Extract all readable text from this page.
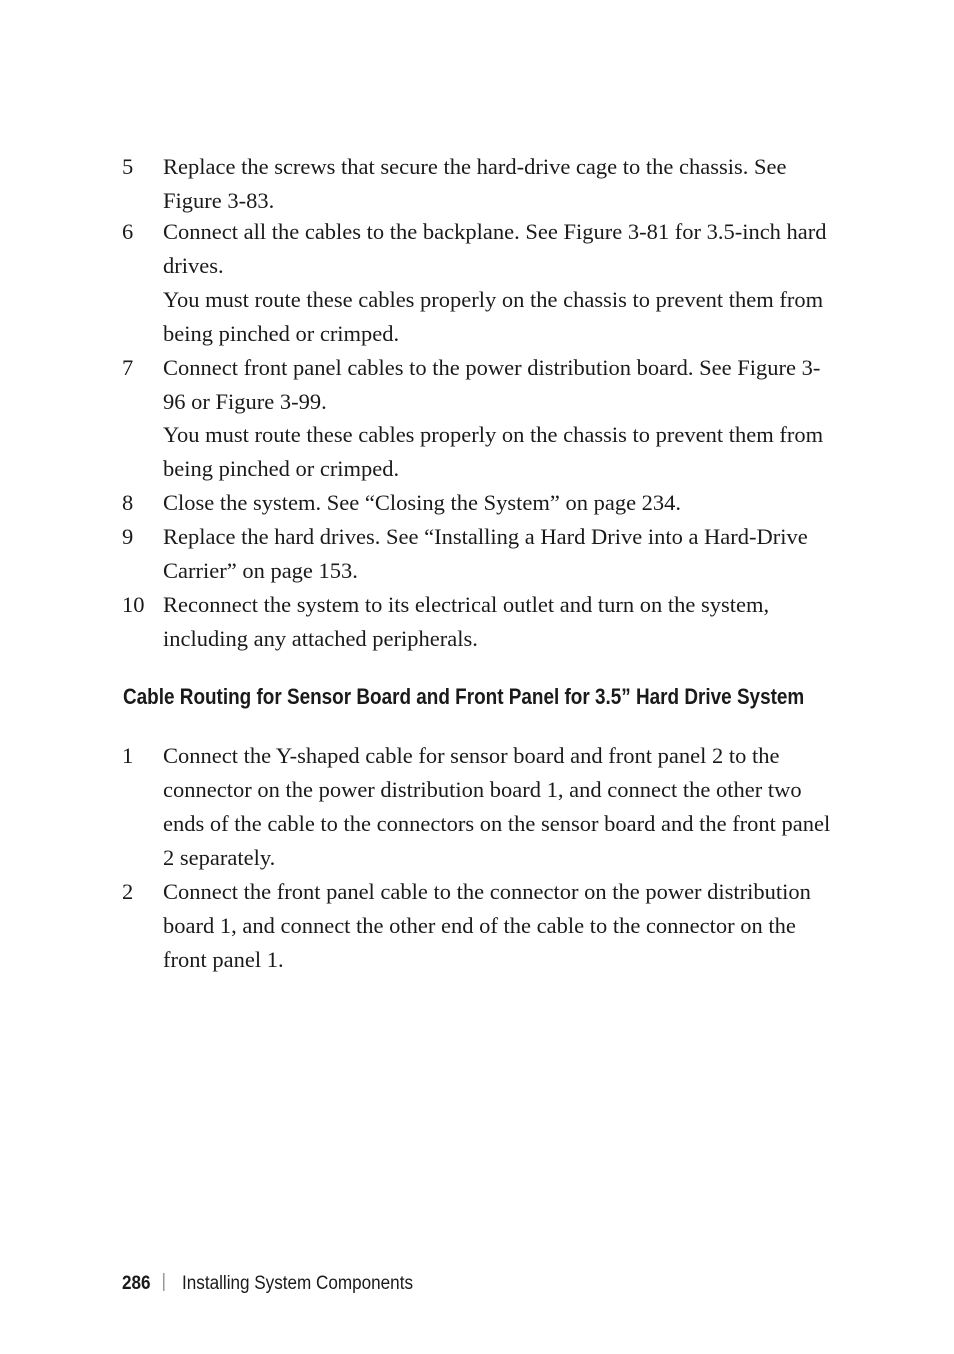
5 Replace the screws that secure the hard-drive cage to the chassis. See Figure 3-83.
6 Connect all the cables to the backplane. See Figure 3-81 for 3.5-inch hard drives.
You must route these cables properly on the chassis to prevent them from being pinched or crimped.
7 Connect front panel cables to the power distribution board. See Figure 3-96 or Figure 3-99.
You must route these cables properly on the chassis to prevent them from being pinched or crimped.
8 Close the system. See “Closing the System” on page 234.
9 Replace the hard drives. See “Installing a Hard Drive into a Hard-Drive Carrier” on page 153.
10 Reconnect the system to its electrical outlet and turn on the system, including any attached peripherals.
Cable Routing for Sensor Board and Front Panel for 3.5” Hard Drive System
1 Connect the Y-shaped cable for sensor board and front panel 2 to the connector on the power distribution board 1, and connect the other two ends of the cable to the connectors on the sensor board and the front panel 2 separately.
2 Connect the front panel cable to the connector on the power distribution board 1, and connect the other end of the cable to the connector on the front panel 1.
286 Installing System Components
